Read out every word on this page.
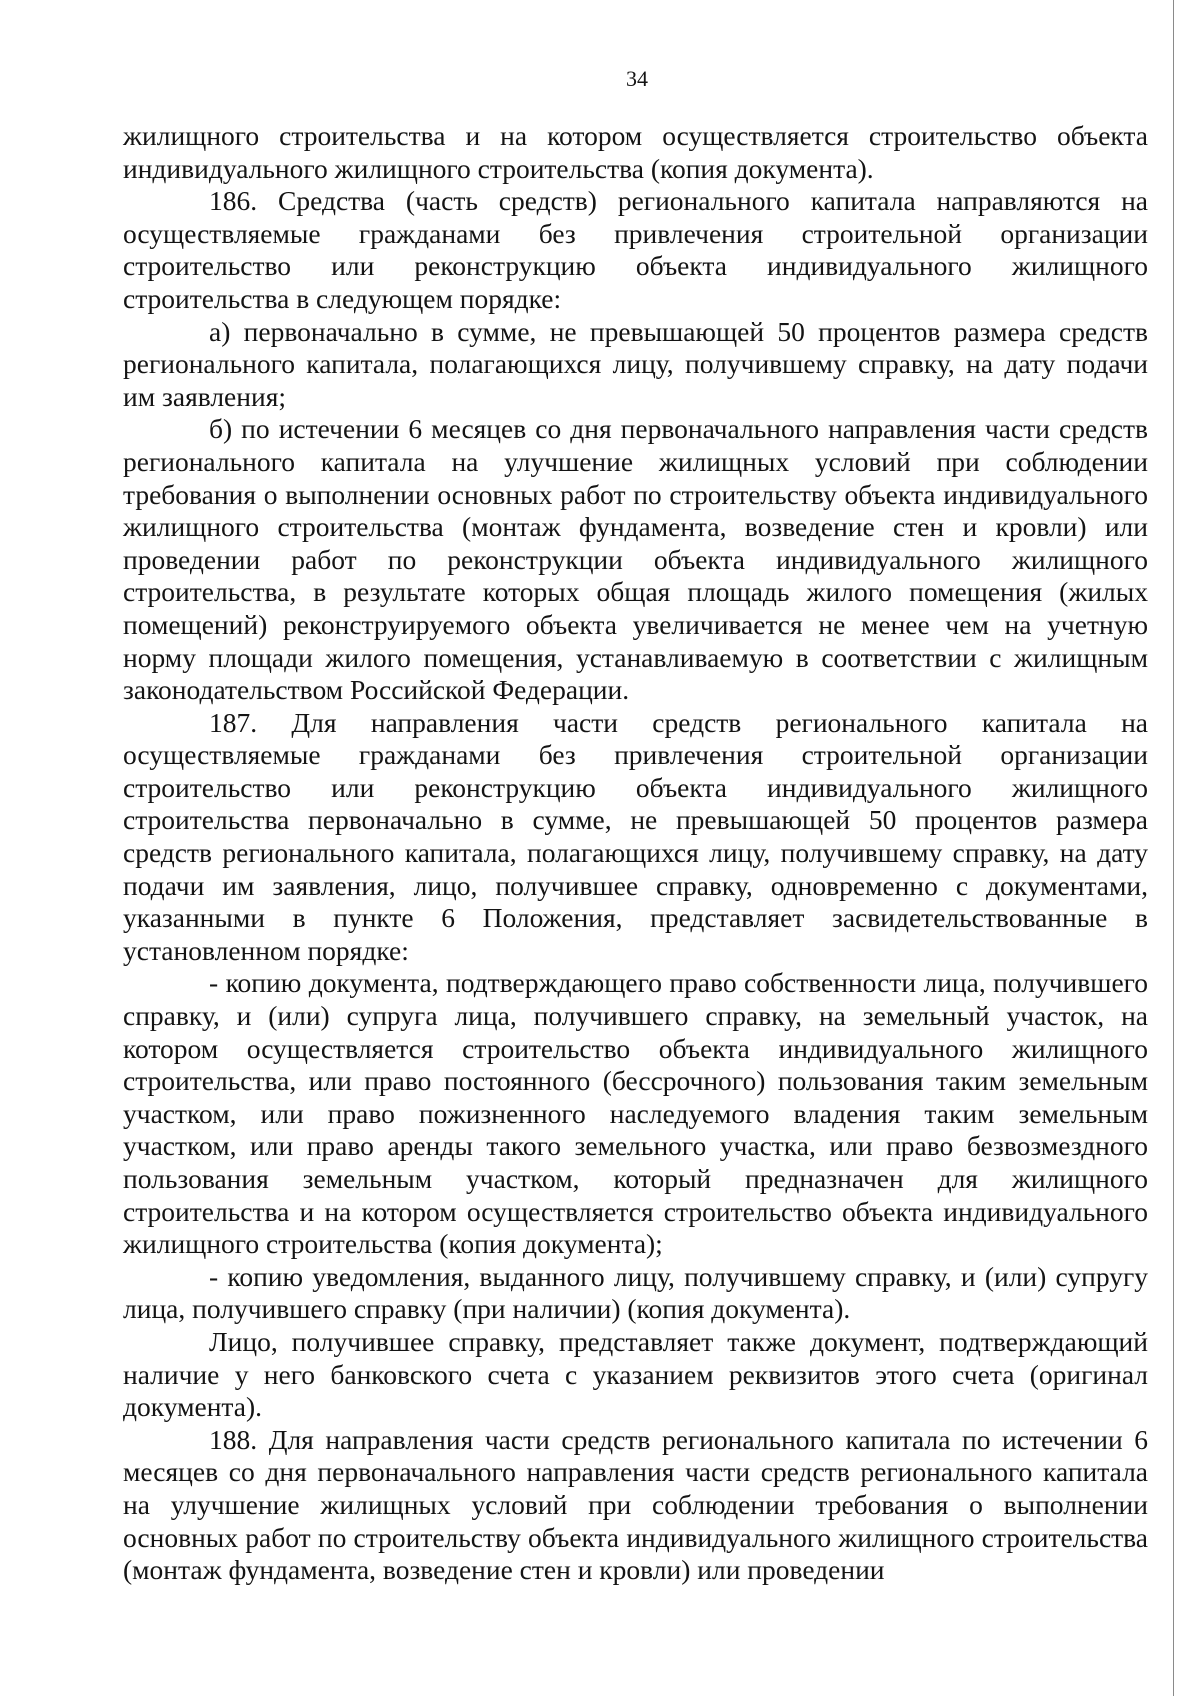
34

жилищного строительства и на котором осуществляется строительство объекта индивидуального жилищного строительства (копия документа).

186. Средства (часть средств) регионального капитала направляются на осуществляемые гражданами без привлечения строительной организации строительство или реконструкцию объекта индивидуального жилищного строительства в следующем порядке:

а) первоначально в сумме, не превышающей 50 процентов размера средств регионального капитала, полагающихся лицу, получившему справку, на дату подачи им заявления;

б) по истечении 6 месяцев со дня первоначального направления части средств регионального капитала на улучшение жилищных условий при соблюдении требования о выполнении основных работ по строительству объекта индивидуального жилищного строительства (монтаж фундамента, возведение стен и кровли) или проведении работ по реконструкции объекта индивидуального жилищного строительства, в результате которых общая площадь жилого помещения (жилых помещений) реконструируемого объекта увеличивается не менее чем на учетную норму площади жилого помещения, устанавливаемую в соответствии с жилищным законодательством Российской Федерации.

187. Для направления части средств регионального капитала на осуществляемые гражданами без привлечения строительной организации строительство или реконструкцию объекта индивидуального жилищного строительства первоначально в сумме, не превышающей 50 процентов размера средств регионального капитала, полагающихся лицу, получившему справку, на дату подачи им заявления, лицо, получившее справку, одновременно с документами, указанными в пункте 6 Положения, представляет засвидетельствованные в установленном порядке:

- копию документа, подтверждающего право собственности лица, получившего справку, и (или) супруга лица, получившего справку, на земельный участок, на котором осуществляется строительство объекта индивидуального жилищного строительства, или право постоянного (бессрочного) пользования таким земельным участком, или право пожизненного наследуемого владения таким земельным участком, или право аренды такого земельного участка, или право безвозмездного пользования земельным участком, который предназначен для жилищного строительства и на котором осуществляется строительство объекта индивидуального жилищного строительства (копия документа);

- копию уведомления, выданного лицу, получившему справку, и (или) супругу лица, получившего справку (при наличии) (копия документа).

Лицо, получившее справку, представляет также документ, подтверждающий наличие у него банковского счета с указанием реквизитов этого счета (оригинал документа).

188. Для направления части средств регионального капитала по истечении 6 месяцев со дня первоначального направления части средств регионального капитала на улучшение жилищных условий при соблюдении требования о выполнении основных работ по строительству объекта индивидуального жилищного строительства (монтаж фундамента, возведение стен и кровли) или проведении
